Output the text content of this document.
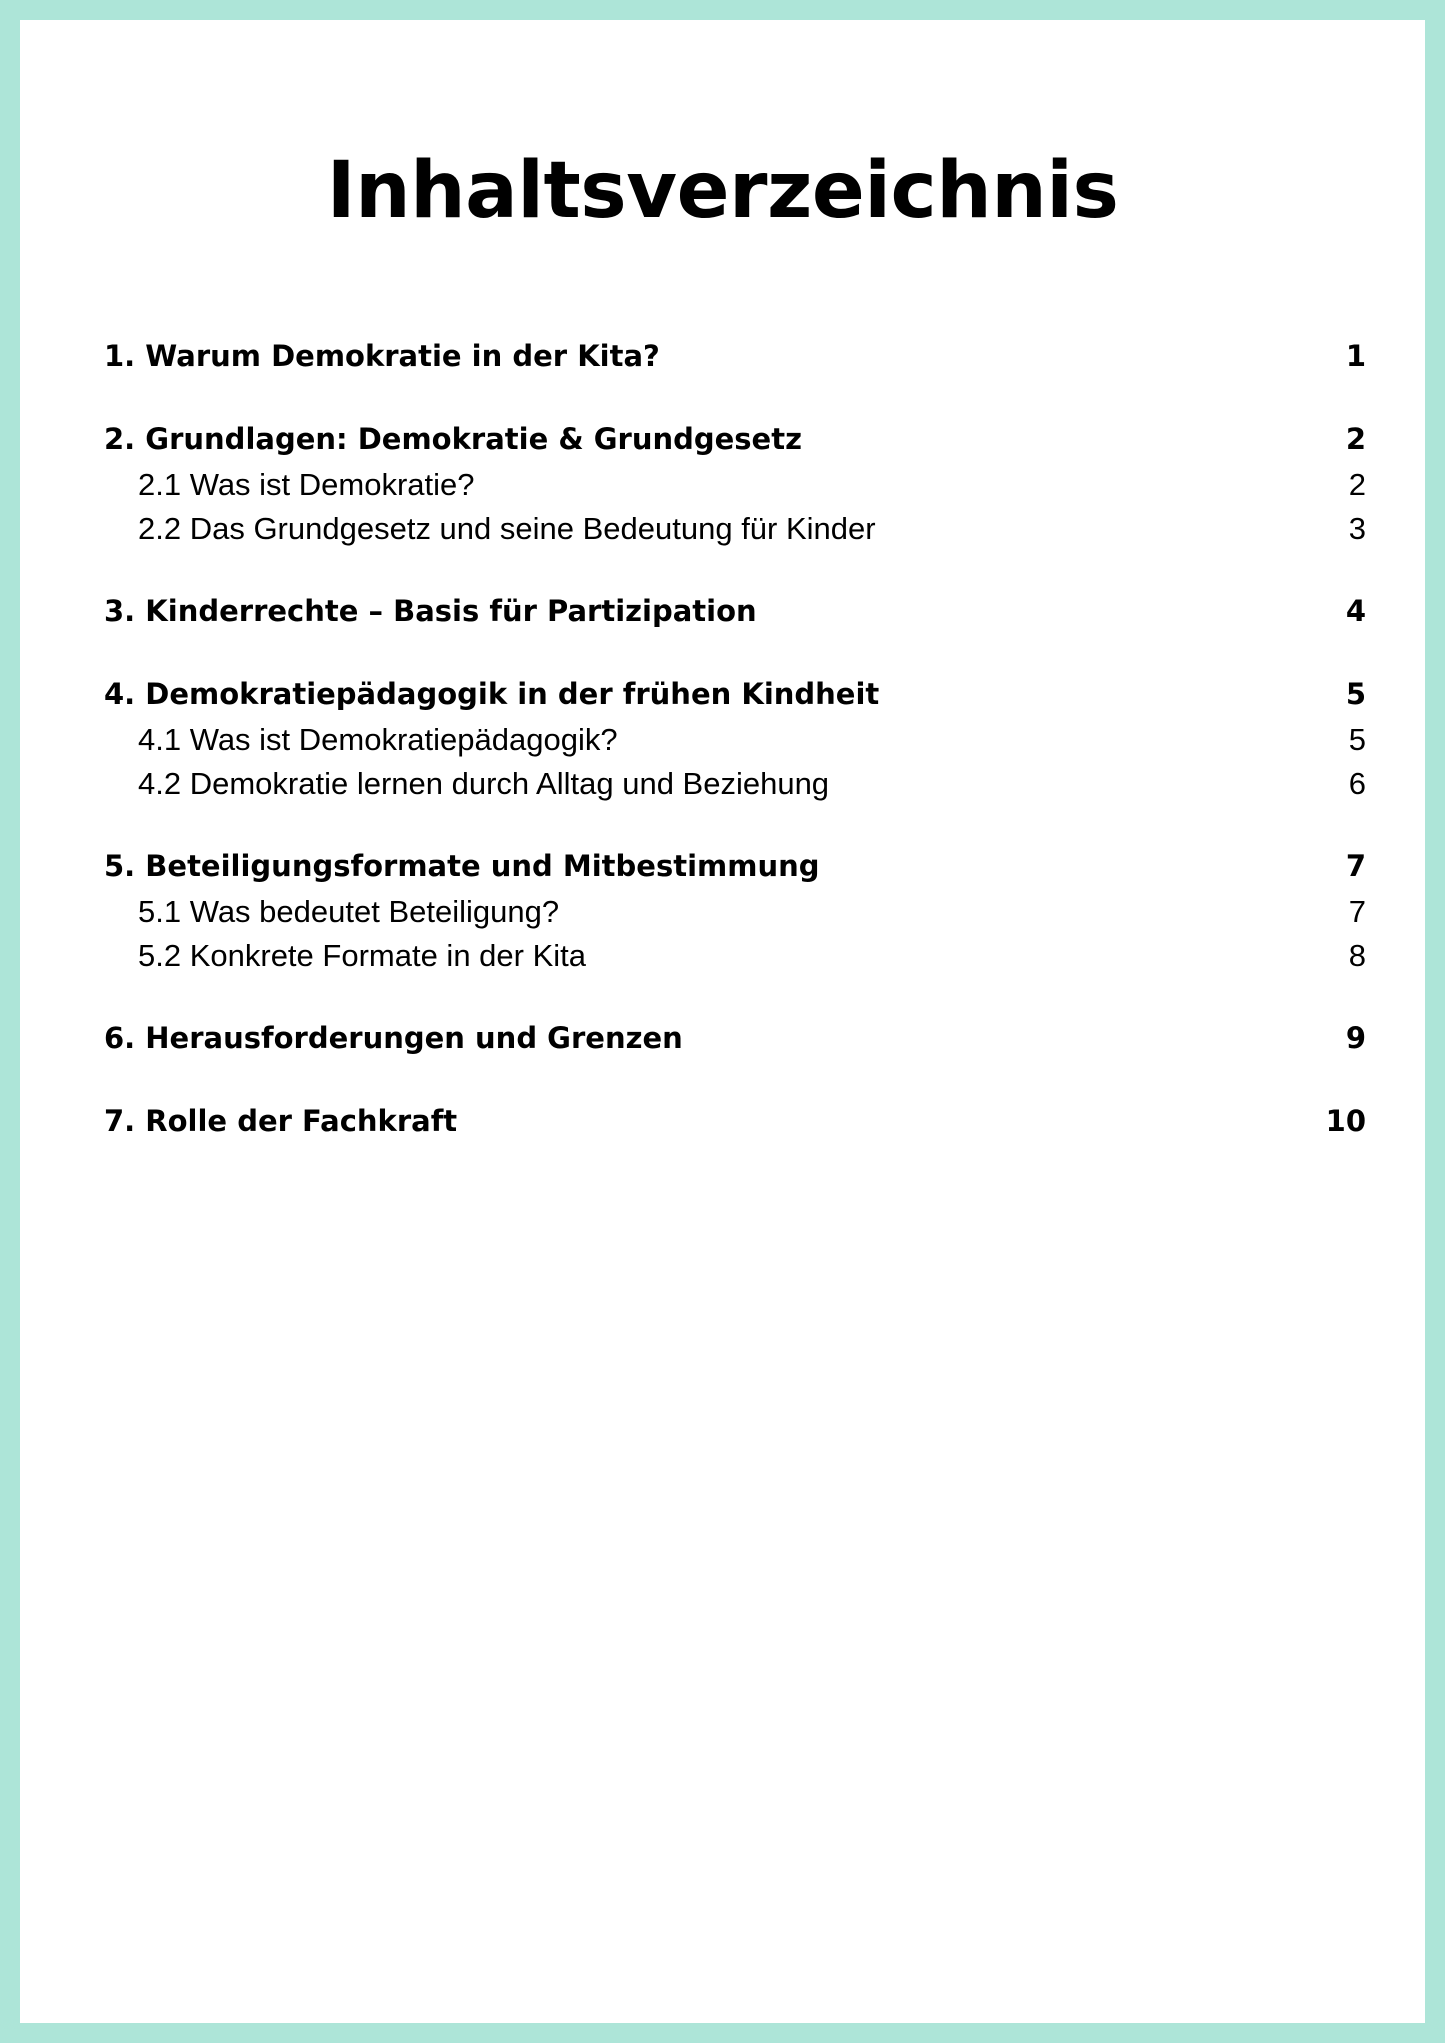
Inhaltsverzeichnis
1. Warum Demokratie in der Kita?	1
2. Grundlagen: Demokratie & Grundgesetz	2
2.1 Was ist Demokratie?	2
2.2 Das Grundgesetz und seine Bedeutung für Kinder	3
3. Kinderrechte – Basis für Partizipation	4
4. Demokratiepädagogik in der frühen Kindheit	5
4.1 Was ist Demokratiepädagogik?	5
4.2 Demokratie lernen durch Alltag und Beziehung	6
5. Beteiligungsformate und Mitbestimmung	7
5.1 Was bedeutet Beteiligung?	7
5.2 Konkrete Formate in der Kita	8
6. Herausforderungen und Grenzen	9
7. Rolle der Fachkraft	10
